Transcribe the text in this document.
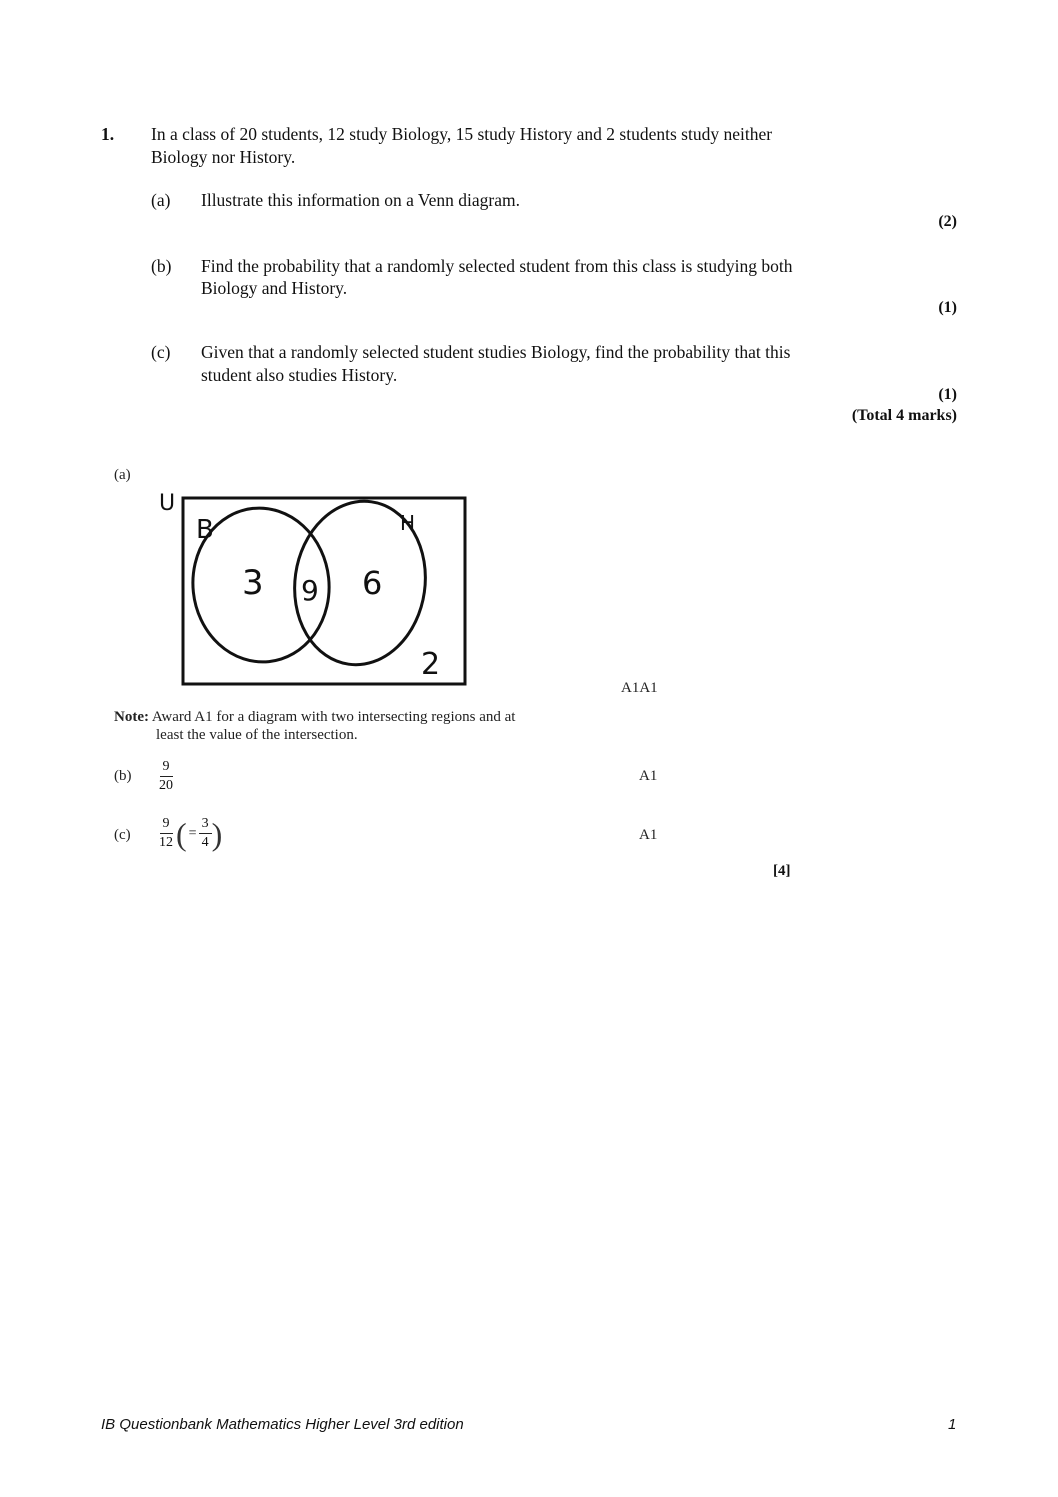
1. In a class of 20 students, 12 study Biology, 15 study History and 2 students study neither
Biology nor History.
(a) Illustrate this information on a Venn diagram.
(2)
(b) Find the probability that a randomly selected student from this class is studying both
Biology and History.
(1)
(c) Given that a randomly selected student studies Biology, find the probability that this
student also studies History.
(1)
(Total 4 marks)
(a)
U
B	H
3 9 6
2
A1A1
Note: Award A1 for a diagram with two intersecting regions and at
least the value of the intersection.
$(b) \frac{9}{20}$	A1
$(c) \frac{9}{12}$ ( = $\frac{3}{4}$ )	A1
[4]
IB Questionbank Mathematics Higher Level 3rd edition	1
